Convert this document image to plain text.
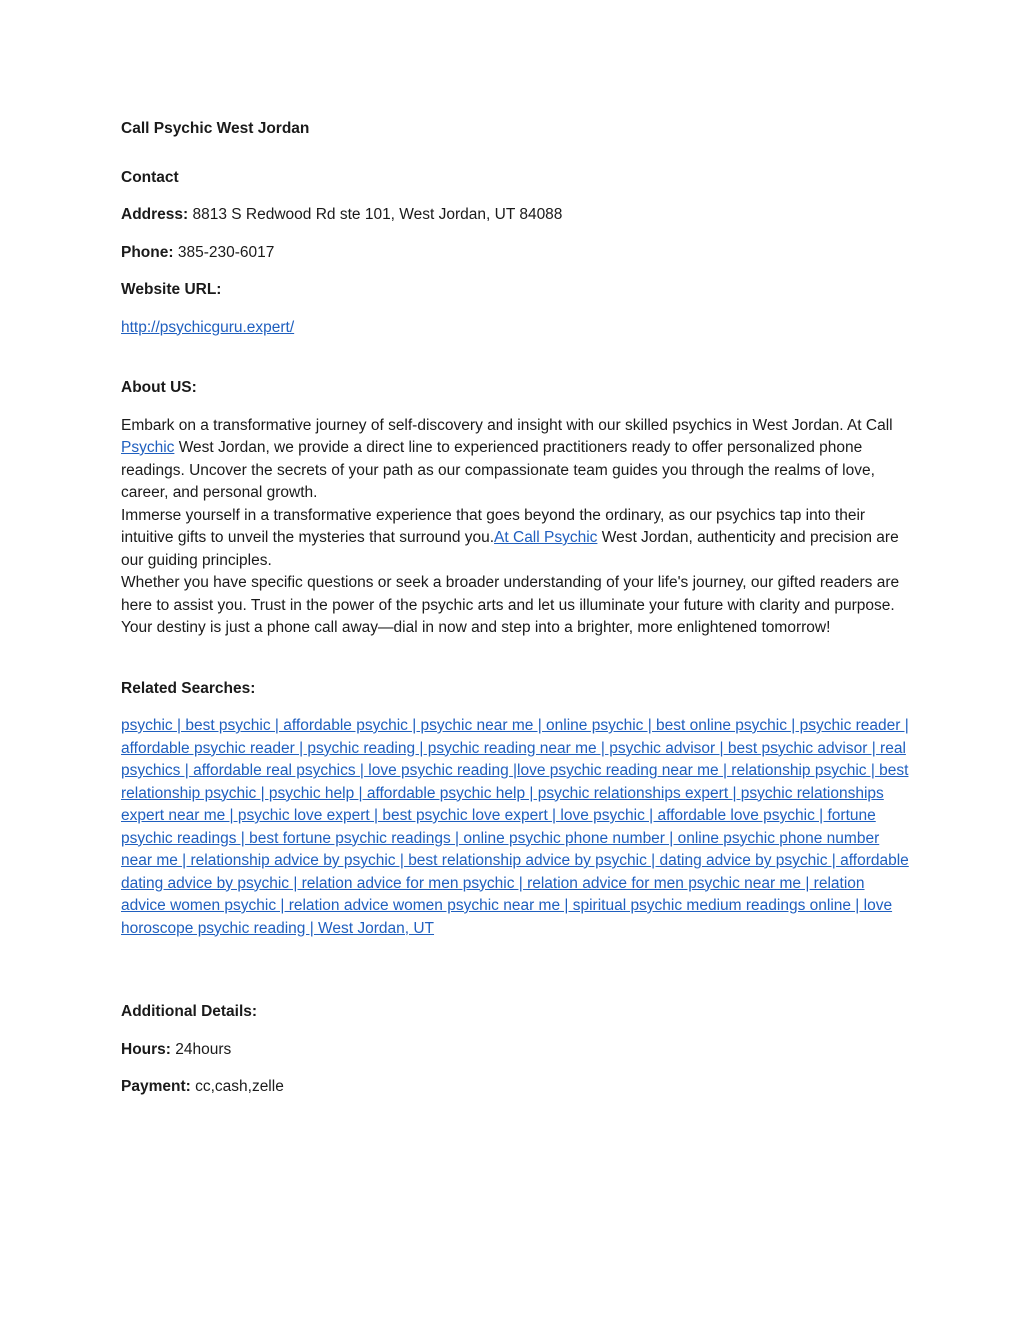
Call Psychic West Jordan

Contact

Address: 8813 S Redwood Rd ste 101, West Jordan, UT 84088

Phone: 385-230-6017

Website URL:

http://psychicguru.expert/

About US:

Embark on a transformative journey of self-discovery and insight with our skilled psychics in West Jordan. At Call Psychic West Jordan, we provide a direct line to experienced practitioners ready to offer personalized phone readings. Uncover the secrets of your path as our compassionate team guides you through the realms of love, career, and personal growth.

Immerse yourself in a transformative experience that goes beyond the ordinary, as our psychics tap into their intuitive gifts to unveil the mysteries that surround you.At Call Psychic West Jordan, authenticity and precision are our guiding principles.

Whether you have specific questions or seek a broader understanding of your life's journey, our gifted readers are here to assist you. Trust in the power of the psychic arts and let us illuminate your future with clarity and purpose. Your destiny is just a phone call away—dial in now and step into a brighter, more enlightened tomorrow!

Related Searches:

psychic | best psychic | affordable psychic | psychic near me | online psychic | best online psychic | psychic reader | affordable psychic reader | psychic reading | psychic reading near me | psychic advisor | best psychic advisor | real psychics | affordable real psychics | love psychic reading |love psychic reading near me | relationship psychic | best relationship psychic | psychic help | affordable psychic help | psychic relationships expert | psychic relationships expert near me | psychic love expert | best psychic love expert | love psychic | affordable love psychic | fortune psychic readings | best fortune psychic readings | online psychic phone number | online psychic phone number near me | relationship advice by psychic | best relationship advice by psychic | dating advice by psychic | affordable dating advice by psychic | relation advice for men psychic | relation advice for men psychic near me | relation advice women psychic | relation advice women psychic near me | spiritual psychic medium readings online | love horoscope psychic reading | West Jordan, UT

Additional Details:

Hours: 24hours

Payment: cc,cash,zelle
